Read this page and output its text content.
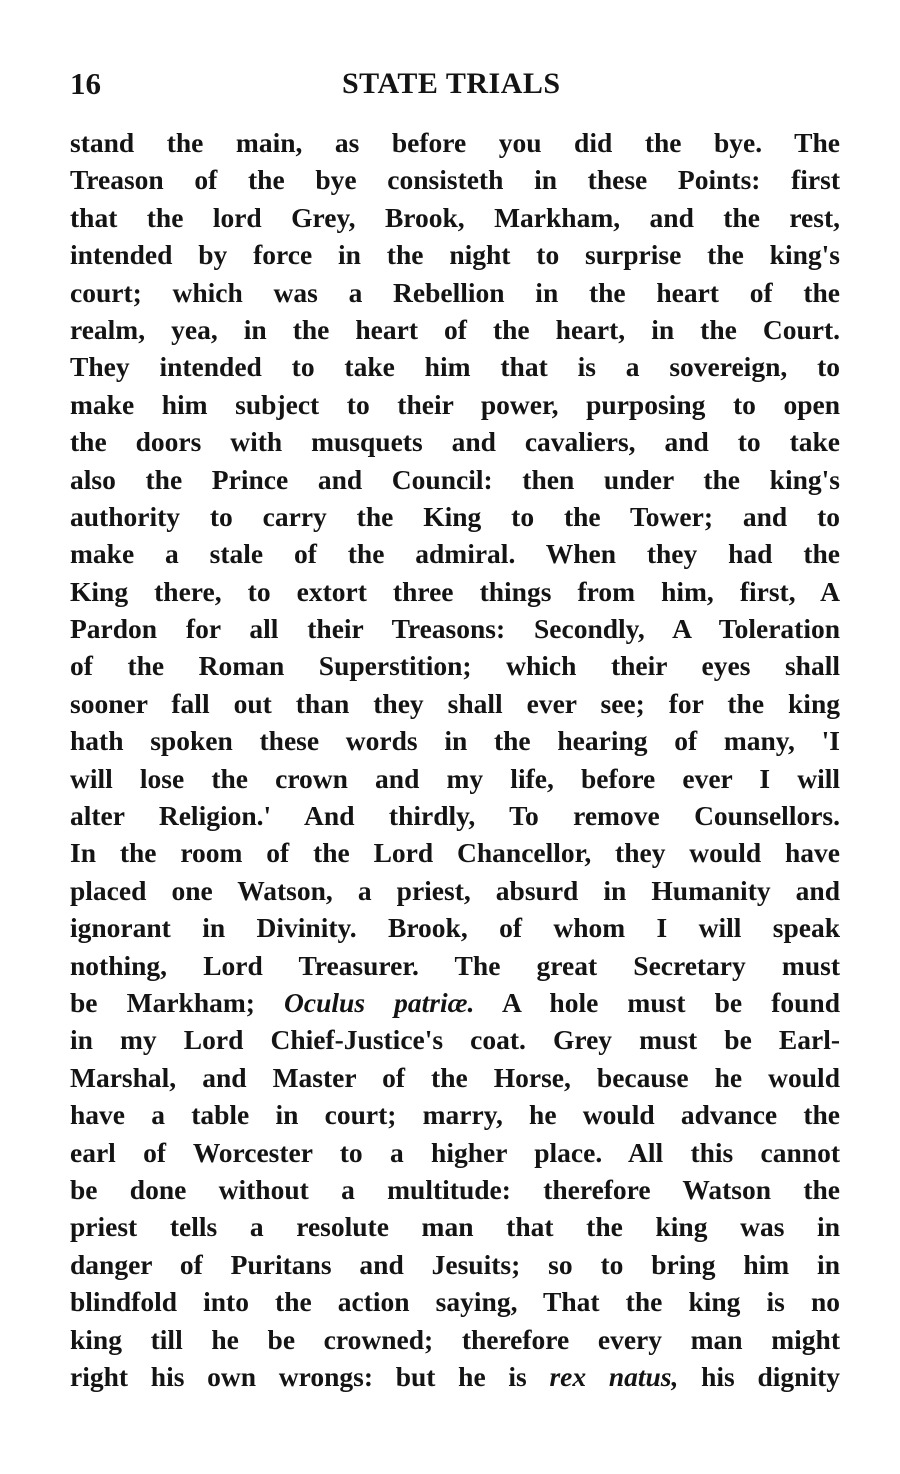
16	STATE TRIALS
stand the main, as before you did the bye. The
Treason of the bye consisteth in these Points: first
that the lord Grey, Brook, Markham, and the rest,
intended by force in the night to surprise the king's
court; which was a Rebellion in the heart of the
realm, yea, in the heart of the heart, in the Court.
They intended to take him that is a sovereign, to
make him subject to their power, purposing to open
the doors with musquets and cavaliers, and to take
also the Prince and Council: then under the king's
authority to carry the King to the Tower; and to
make a stale of the admiral. When they had the
King there, to extort three things from him, first, A
Pardon for all their Treasons: Secondly, A Toleration
of the Roman Superstition; which their eyes shall
sooner fall out than they shall ever see; for the king
hath spoken these words in the hearing of many, 'I
will lose the crown and my life, before ever I will
alter Religion.' And thirdly, To remove Counsellors.
In the room of the Lord Chancellor, they would have
placed one Watson, a priest, absurd in Humanity and
ignorant in Divinity. Brook, of whom I will speak
nothing, Lord Treasurer. The great Secretary must
be Markham; Oculus patriæ. A hole must be found
in my Lord Chief-Justice's coat. Grey must be Earl-
Marshal, and Master of the Horse, because he would
have a table in court; marry, he would advance the
earl of Worcester to a higher place. All this cannot
be done without a multitude: therefore Watson the
priest tells a resolute man that the king was in
danger of Puritans and Jesuits; so to bring him in
blindfold into the action saying, That the king is no
king till he be crowned; therefore every man might
right his own wrongs: but he is rex natus, his dignity
